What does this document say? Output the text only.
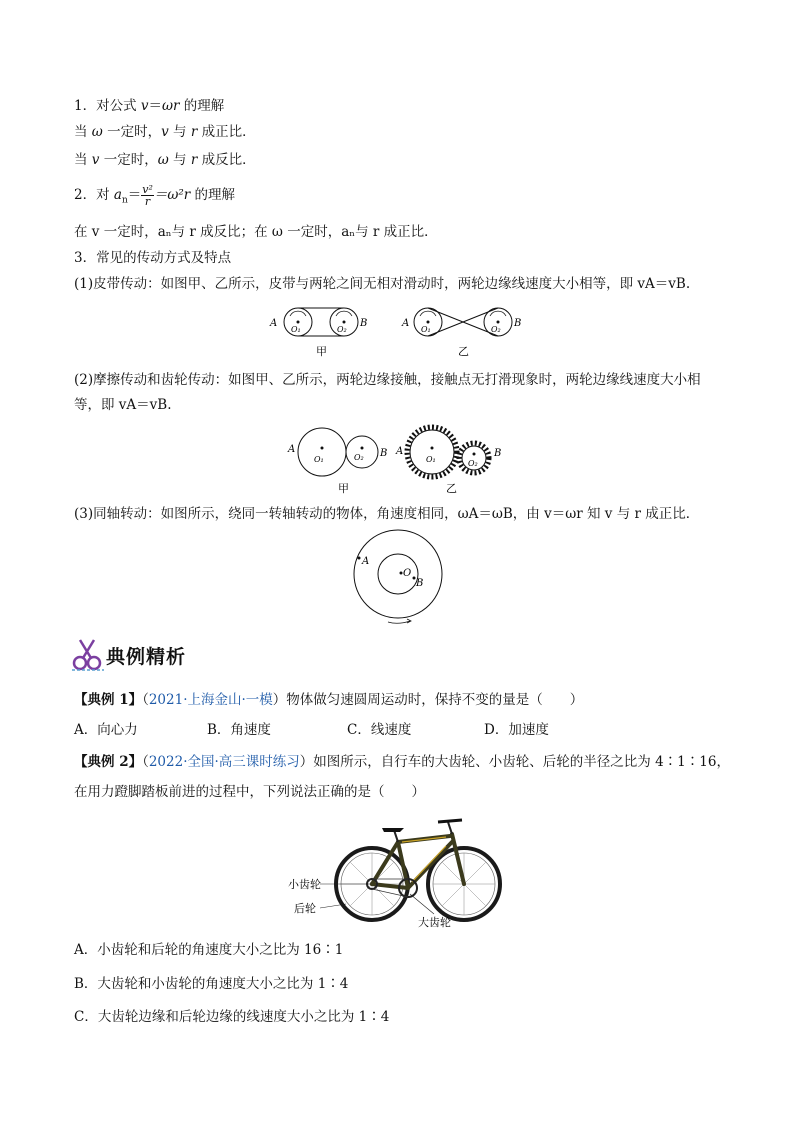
1．对公式 v＝ωr 的理解
当 ω 一定时，v 与 r 成正比．
当 v 一定时，ω 与 r 成反比．
2．对 $a_n= \frac{\text{v²}}{r} =\omega^2r$ 的理解
在 v 一定时，aₙ与 r 成反比；在 ω 一定时，aₙ与 r 成正比．
3．常见的传动方式及特点
(1)皮带传动：如图甲、乙所示，皮带与两轮之间无相对滑动时，两轮边缘线速度大小相等，即 vA＝vB.
A	B
O₁	O₂
甲
A	B
O₁	O₂
乙
(2)摩擦传动和齿轮传动：如图甲、乙所示，两轮边缘接触，接触点无打滑现象时，两轮边缘线速度大小相
等，即 vA＝vB.
A	B
O₁	O₂
甲
A	B
O₁	O₂
乙
(3)同轴转动：如图所示，绕同一转轴转动的物体，角速度相同，ωA＝ωB，由 v＝ωr 知 v 与 r 成正比．
A
O
B
典例精析
【典例 1】（2021·上海金山·一模）物体做匀速圆周运动时，保持不变的量是（　　）
A．向心力	B．角速度	C．线速度	D．加速度
【典例 2】（2022·全国·高三课时练习）如图所示，自行车的大齿轮、小齿轮、后轮的半径之比为 4∶1∶16，
在用力蹬脚踏板前进的过程中，下列说法正确的是（　　）
小齿轮
后轮
大齿轮
A．小齿轮和后轮的角速度大小之比为 16∶1
B．大齿轮和小齿轮的角速度大小之比为 1∶4
C．大齿轮边缘和后轮边缘的线速度大小之比为 1∶4
